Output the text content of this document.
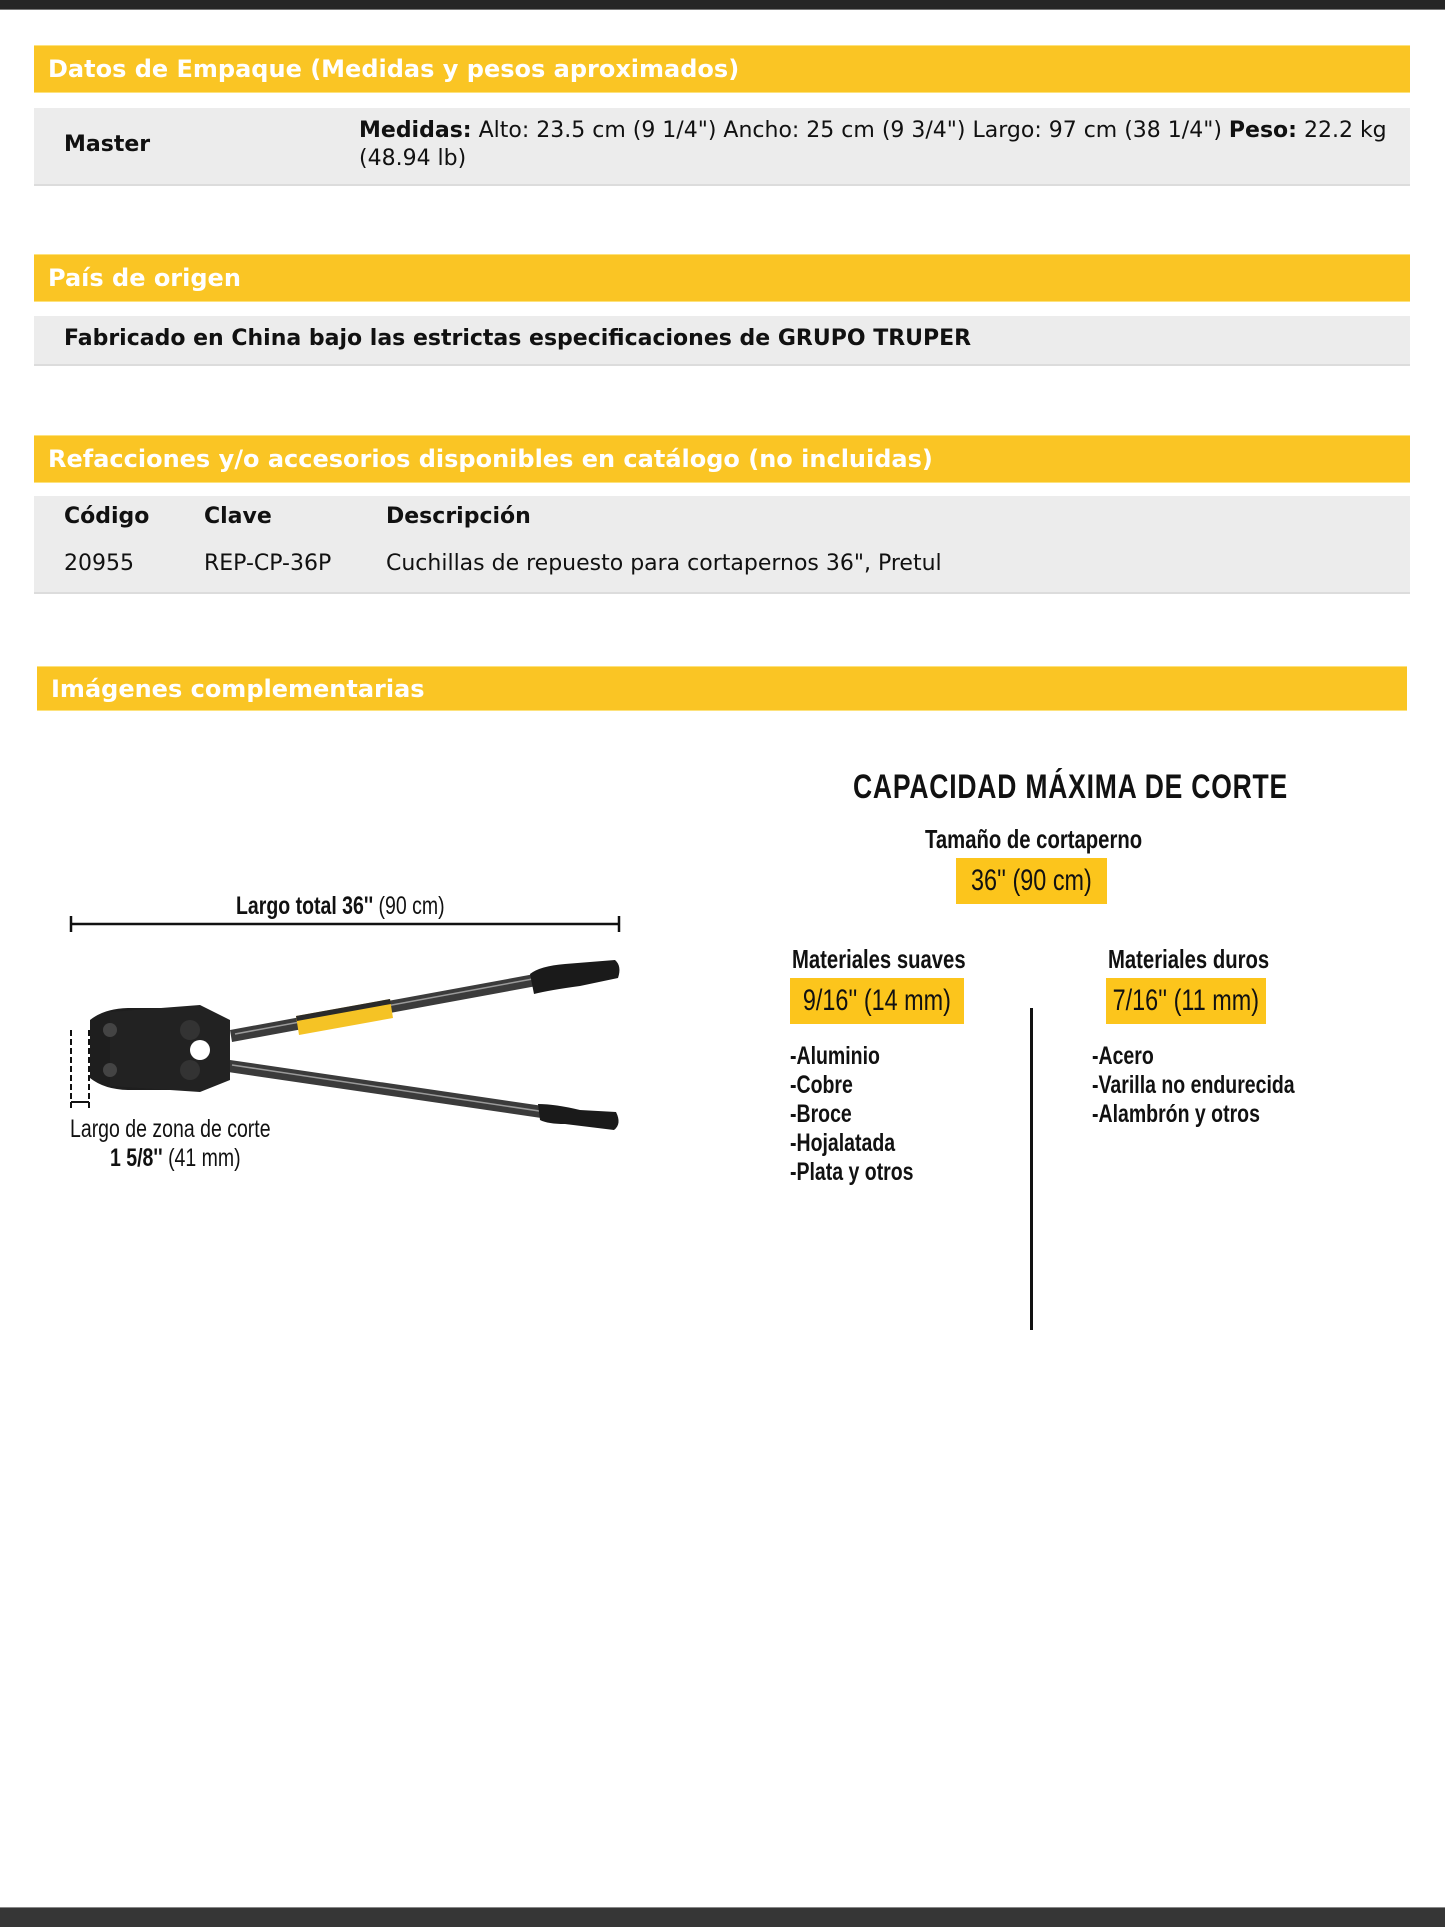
Datos de Empaque (Medidas y pesos aproximados)
Master
Medidas: Alto: 23.5 cm (9 1/4") Ancho: 25 cm (9 3/4") Largo: 97 cm (38 1/4") Peso: 22.2 kg (48.94 lb)
País de origen
Fabricado en China bajo las estrictas especificaciones de GRUPO TRUPER
Refacciones y/o accesorios disponibles en catálogo (no incluidas)
Código Clave	Descripción
20955	REP-CP-36P Cuchillas de repuesto para cortapernos 36", Pretul
Imágenes complementarias
Largo total 36'' (90 cm)
Largo de zona de corte
1 5/8'' (41 mm)
CAPACIDAD MÁXIMA DE CORTE
Tamaño de cortaperno
36'' (90 cm)
Materiales suaves
9/16'' (14 mm)
-Aluminio
-Cobre
-Broce
-Hojalatada
-Plata y otros
Materiales duros
7/16'' (11 mm)
-Acero
-Varilla no endurecida
-Alambrón y otros
